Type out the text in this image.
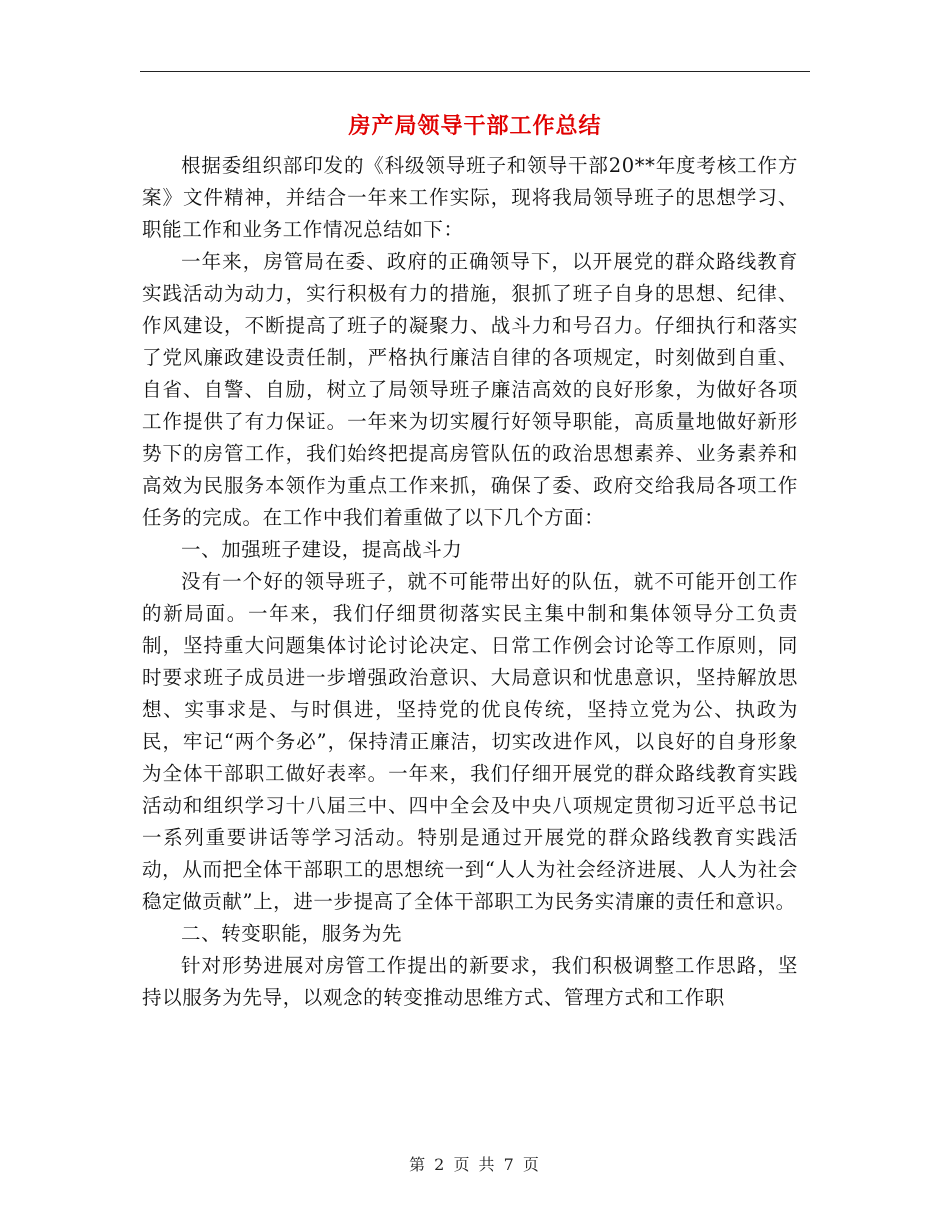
房产局领导干部工作总结

根据委组织部印发的《科级领导班子和领导干部20**年度考核工作方案》文件精神，并结合一年来工作实际，现将我局领导班子的思想学习、职能工作和业务工作情况总结如下：

一年来，房管局在委、政府的正确领导下，以开展党的群众路线教育实践活动为动力，实行积极有力的措施，狠抓了班子自身的思想、纪律、作风建设，不断提高了班子的凝聚力、战斗力和号召力。仔细执行和落实了党风廉政建设责任制，严格执行廉洁自律的各项规定，时刻做到自重、自省、自警、自励，树立了局领导班子廉洁高效的良好形象，为做好各项工作提供了有力保证。一年来为切实履行好领导职能，高质量地做好新形势下的房管工作，我们始终把提高房管队伍的政治思想素养、业务素养和高效为民服务本领作为重点工作来抓，确保了委、政府交给我局各项工作任务的完成。在工作中我们着重做了以下几个方面：

一、加强班子建设，提高战斗力

没有一个好的领导班子，就不可能带出好的队伍，就不可能开创工作的新局面。一年来，我们仔细贯彻落实民主集中制和集体领导分工负责制，坚持重大问题集体讨论讨论决定、日常工作例会讨论等工作原则，同时要求班子成员进一步增强政治意识、大局意识和忧患意识，坚持解放思想、实事求是、与时俱进，坚持党的优良传统，坚持立党为公、执政为民，牢记“两个务必”，保持清正廉洁，切实改进作风，以良好的自身形象为全体干部职工做好表率。一年来，我们仔细开展党的群众路线教育实践活动和组织学习十八届三中、四中全会及中央八项规定贯彻习近平总书记一系列重要讲话等学习活动。特别是通过开展党的群众路线教育实践活动，从而把全体干部职工的思想统一到“人人为社会经济进展、人人为社会稳定做贡献”上，进一步提高了全体干部职工为民务实清廉的责任和意识。

二、转变职能，服务为先

针对形势进展对房管工作提出的新要求，我们积极调整工作思路，坚持以服务为先导，以观念的转变推动思维方式、管理方式和工作职

第 2 页 共 7 页
